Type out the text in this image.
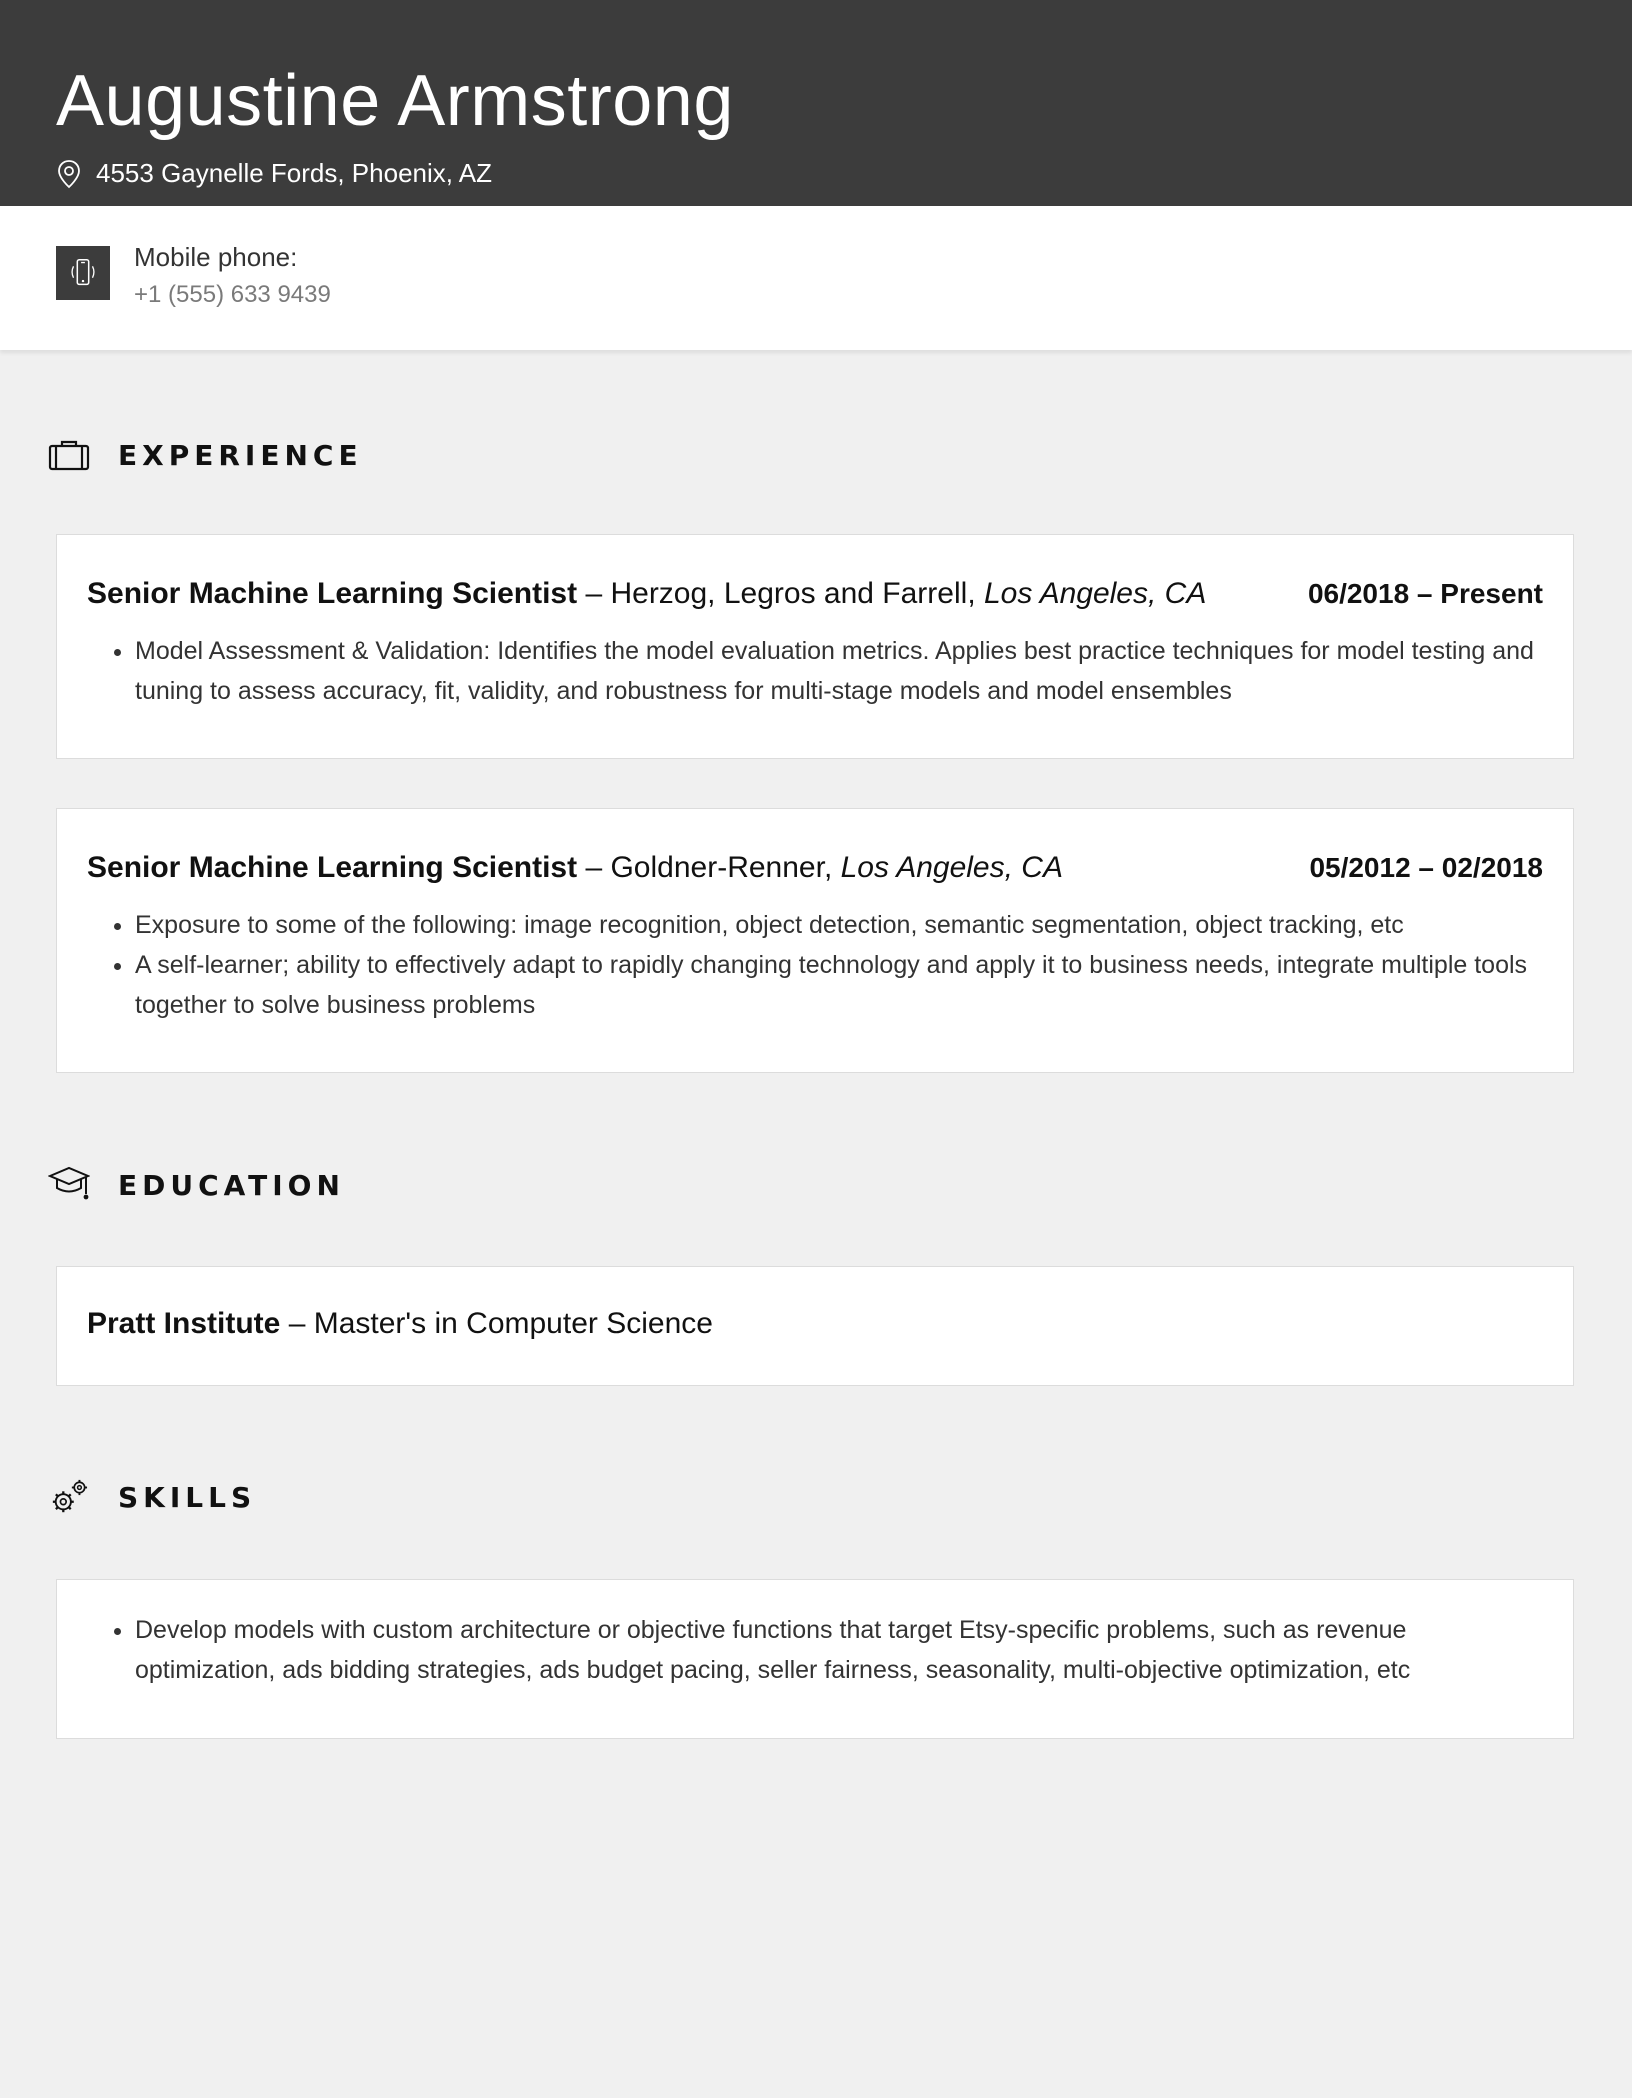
Augustine Armstrong
4553 Gaynelle Fords, Phoenix, AZ
Mobile phone:
+1 (555) 633 9439
EXPERIENCE
Senior Machine Learning Scientist – Herzog, Legros and Farrell, Los Angeles, CA	06/2018 – Present
• Model Assessment & Validation: Identifies the model evaluation metrics. Applies best practice techniques for model testing and tuning to assess accuracy, fit, validity, and robustness for multi-stage models and model ensembles
Senior Machine Learning Scientist – Goldner-Renner, Los Angeles, CA	05/2012 – 02/2018
• Exposure to some of the following: image recognition, object detection, semantic segmentation, object tracking, etc
• A self-learner; ability to effectively adapt to rapidly changing technology and apply it to business needs, integrate multiple tools together to solve business problems
EDUCATION
Pratt Institute – Master's in Computer Science
SKILLS
• Develop models with custom architecture or objective functions that target Etsy-specific problems, such as revenue optimization, ads bidding strategies, ads budget pacing, seller fairness, seasonality, multi-objective optimization, etc
